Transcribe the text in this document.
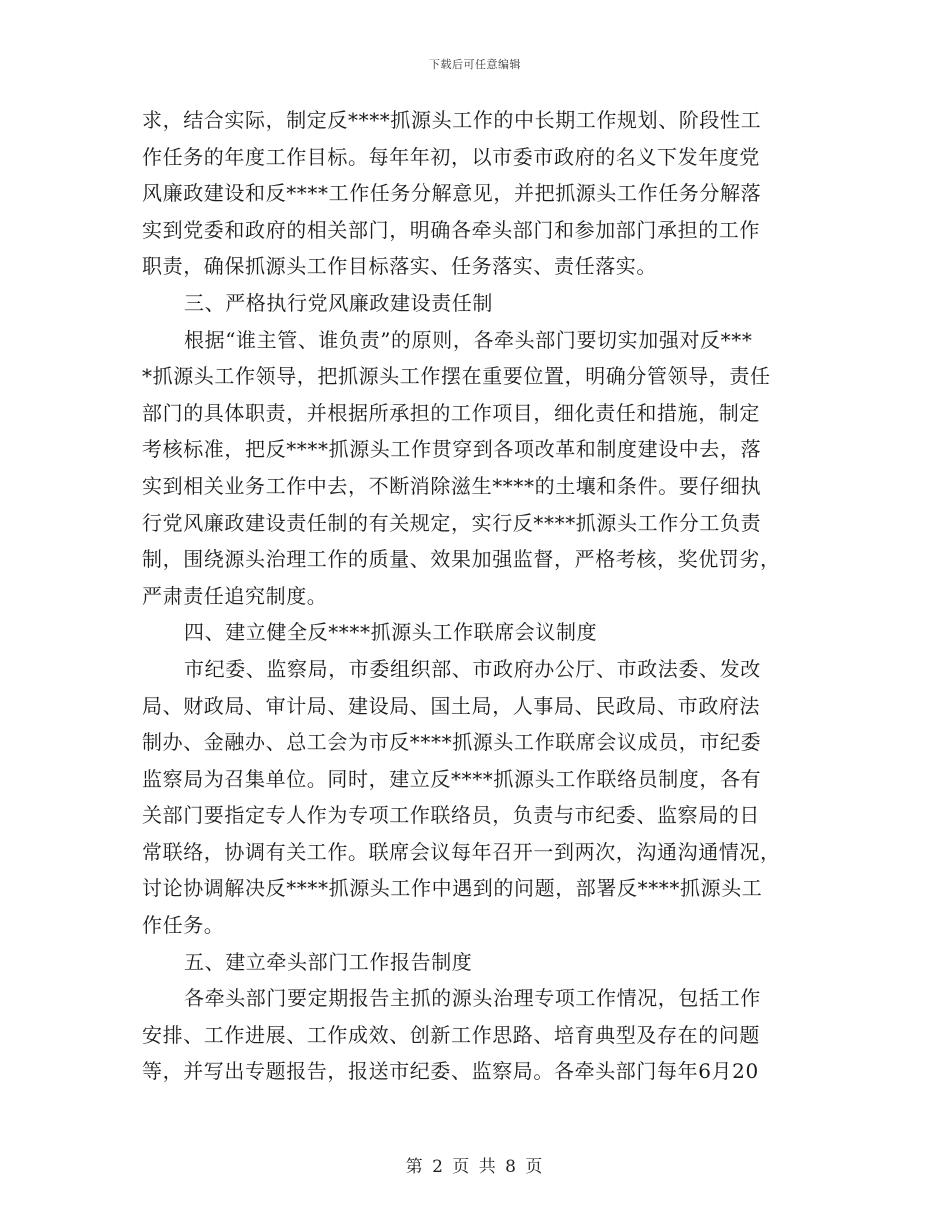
下载后可任意编辑
求，结合实际，制定反****抓源头工作的中长期工作规划、阶段性工
作任务的年度工作目标。每年年初，以市委市政府的名义下发年度党
风廉政建设和反****工作任务分解意见，并把抓源头工作任务分解落
实到党委和政府的相关部门，明确各牵头部门和参加部门承担的工作
职责，确保抓源头工作目标落实、任务落实、责任落实。
三、严格执行党风廉政建设责任制
根据“谁主管、谁负责”的原则，各牵头部门要切实加强对反***
*抓源头工作领导，把抓源头工作摆在重要位置，明确分管领导，责任
部门的具体职责，并根据所承担的工作项目，细化责任和措施，制定
考核标准，把反****抓源头工作贯穿到各项改革和制度建设中去，落
实到相关业务工作中去，不断消除滋生****的土壤和条件。要仔细执
行党风廉政建设责任制的有关规定，实行反****抓源头工作分工负责
制，围绕源头治理工作的质量、效果加强监督，严格考核，奖优罚劣，
严肃责任追究制度。
四、建立健全反****抓源头工作联席会议制度
市纪委、监察局，市委组织部、市政府办公厅、市政法委、发改
局、财政局、审计局、建设局、国土局，人事局、民政局、市政府法
制办、金融办、总工会为市反****抓源头工作联席会议成员，市纪委
监察局为召集单位。同时，建立反****抓源头工作联络员制度，各有
关部门要指定专人作为专项工作联络员，负责与市纪委、监察局的日
常联络，协调有关工作。联席会议每年召开一到两次，沟通沟通情况，
讨论协调解决反****抓源头工作中遇到的问题，部署反****抓源头工
作任务。
五、建立牵头部门工作报告制度
各牵头部门要定期报告主抓的源头治理专项工作情况，包括工作
安排、工作进展、工作成效、创新工作思路、培育典型及存在的问题
等，并写出专题报告，报送市纪委、监察局。各牵头部门每年6月20
第 2 页 共 8 页
